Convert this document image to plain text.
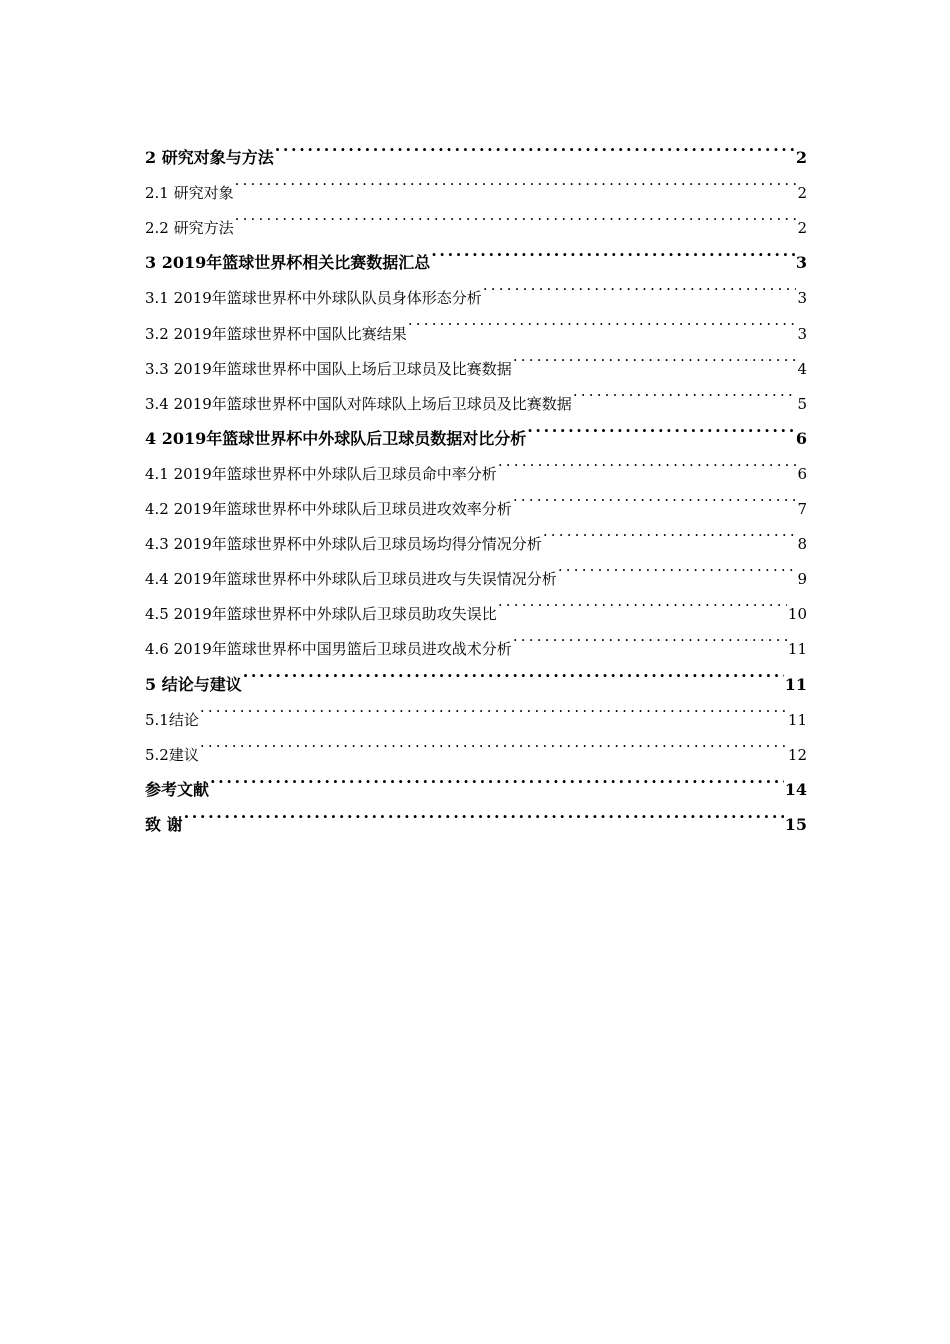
2 研究对象与方法 .....	2
2.1 研究对象 .....	2
2.2 研究方法 .....	2
3 2019年篮球世界杯相关比赛数据汇总 .....	3
3.1 2019年篮球世界杯中外球队队员身体形态分析 .....	3
3.2 2019年篮球世界杯中国队比赛结果 .....	3
3.3 2019年篮球世界杯中国队上场后卫球员及比赛数据 .....	4
3.4 2019年篮球世界杯中国队对阵球队上场后卫球员及比赛数据 .....	5
4 2019年篮球世界杯中外球队后卫球员数据对比分析 .....	6
4.1 2019年篮球世界杯中外球队后卫球员命中率分析 .....	6
4.2 2019年篮球世界杯中外球队后卫球员进攻效率分析 .....	7
4.3 2019年篮球世界杯中外球队后卫球员场均得分情况分析 .....	8
4.4 2019年篮球世界杯中外球队后卫球员进攻与失误情况分析 .....	9
4.5 2019年篮球世界杯中外球队后卫球员助攻失误比 .....	10
4.6 2019年篮球世界杯中国男篮后卫球员进攻战术分析 .....	11
5 结论与建议 .....	11
5.1结论 .....	11
5.2建议 .....	12
参考文献 .....	14
致 谢 .....	15
